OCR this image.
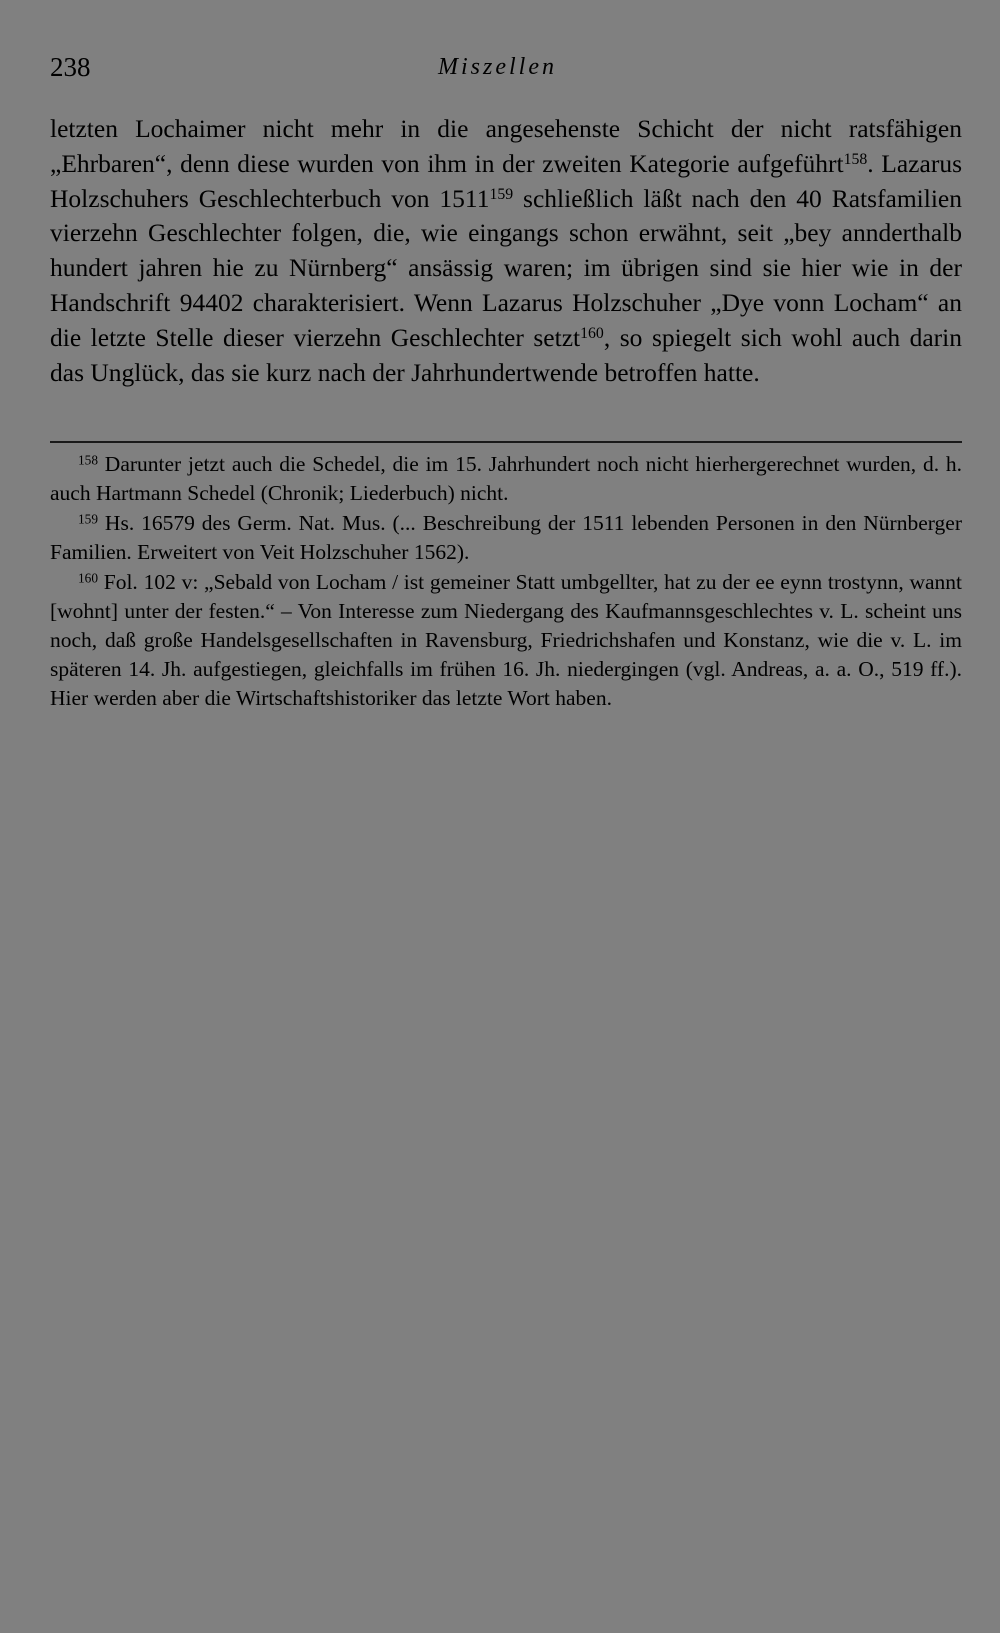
238	Miszellen

letzten Lochaimer nicht mehr in die angesehenste Schicht der nicht ratsfähigen „Ehrbaren“, denn diese wurden von ihm in der zweiten Kategorie aufgeführt$^{158}$. Lazarus Holzschuhers Geschlechterbuch von 1511$^{159}$ schließlich läßt nach den 40 Ratsfamilien vierzehn Geschlechter folgen, die, wie eingangs schon erwähnt, seit „bey annderthalb hundert jahren hie zu Nürnberg“ ansässig waren; im übrigen sind sie hier wie in der Handschrift 94402 charakterisiert. Wenn Lazarus Holzschuher „Dye vonn Locham“ an die letzte Stelle dieser vierzehn Geschlechter setzt$^{160}$, so spiegelt sich wohl auch darin das Unglück, das sie kurz nach der Jahrhundertwende betroffen hatte.

$^{158}$ Darunter jetzt auch die Schedel, die im 15. Jahrhundert noch nicht hierhergerechnet wurden, d. h. auch Hartmann Schedel (Chronik; Liederbuch) nicht.

$^{159}$ Hs. 16579 des Germ. Nat. Mus. (... Beschreibung der 1511 lebenden Personen in den Nürnberger Familien. Erweitert von Veit Holzschuher 1562).

$^{160}$ Fol. 102 v: „Sebald von Locham / ist gemeiner Statt umbgellter, hat zu der ee eynn trostynn, wannt [wohnt] unter der festen.“ – Von Interesse zum Niedergang des Kaufmannsgeschlechtes v. L. scheint uns noch, daß große Handelsgesellschaften in Ravensburg, Friedrichshafen und Konstanz, wie die v. L. im späteren 14. Jh. aufgestiegen, gleichfalls im frühen 16. Jh. niedergingen (vgl. Andreas, a. a. O., 519 ff.). Hier werden aber die Wirtschaftshistoriker das letzte Wort haben.
